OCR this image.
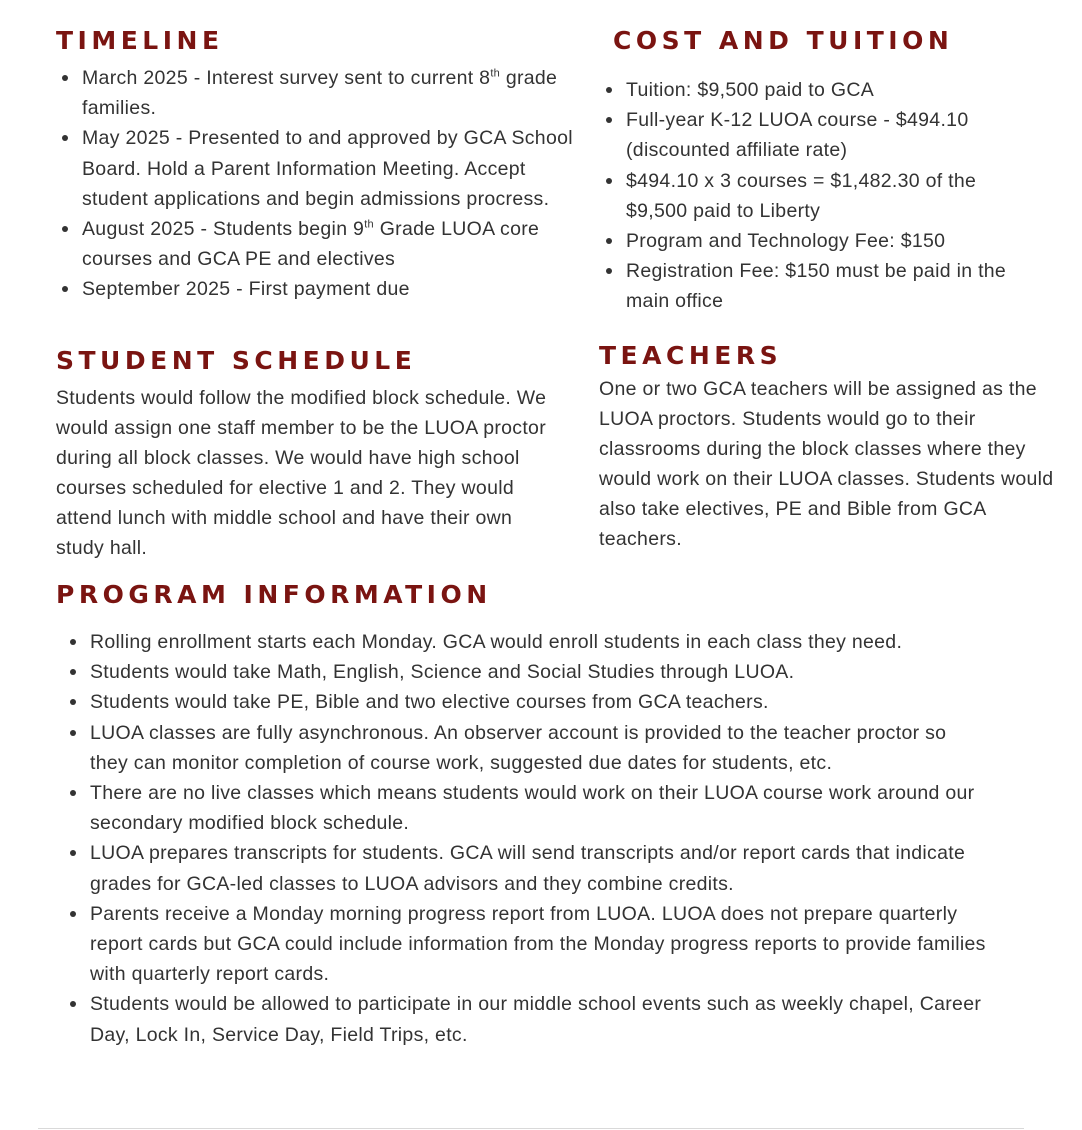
TIMELINE
March 2025 - Interest survey sent to current 8th grade families.
May 2025 - Presented to and approved by GCA School Board. Hold a Parent Information Meeting. Accept student applications and begin admissions procress.
August 2025 - Students begin 9th Grade LUOA core courses and GCA PE and electives
September 2025 - First payment due
COST AND TUITION
Tuition: $9,500 paid to GCA
Full-year K-12 LUOA course - $494.10 (discounted affiliate rate)
$494.10 x 3 courses = $1,482.30 of the $9,500 paid to Liberty
Program and Technology Fee: $150
Registration Fee: $150 must be paid in the main office
STUDENT SCHEDULE

Students would follow the modified block schedule. We would assign one staff member to be the LUOA proctor during all block classes. We would have high school courses scheduled for elective 1 and 2. They would attend lunch with middle school and have their own study hall.

TEACHERS

One or two GCA teachers will be assigned as the LUOA proctors. Students would go to their classrooms during the block classes where they would work on their LUOA classes. Students would also take electives, PE and Bible from GCA teachers.

PROGRAM INFORMATION
Rolling enrollment starts each Monday. GCA would enroll students in each class they need.
Students would take Math, English, Science and Social Studies through LUOA.
Students would take PE, Bible and two elective courses from GCA teachers.
LUOA classes are fully asynchronous. An observer account is provided to the teacher proctor so they can monitor completion of course work, suggested due dates for students, etc.
There are no live classes which means students would work on their LUOA course work around our secondary modified block schedule.
LUOA prepares transcripts for students. GCA will send transcripts and/or report cards that indicate grades for GCA-led classes to LUOA advisors and they combine credits.
Parents receive a Monday morning progress report from LUOA. LUOA does not prepare quarterly report cards but GCA could include information from the Monday progress reports to provide families with quarterly report cards.
Students would be allowed to participate in our middle school events such as weekly chapel, Career Day, Lock In, Service Day, Field Trips, etc.
